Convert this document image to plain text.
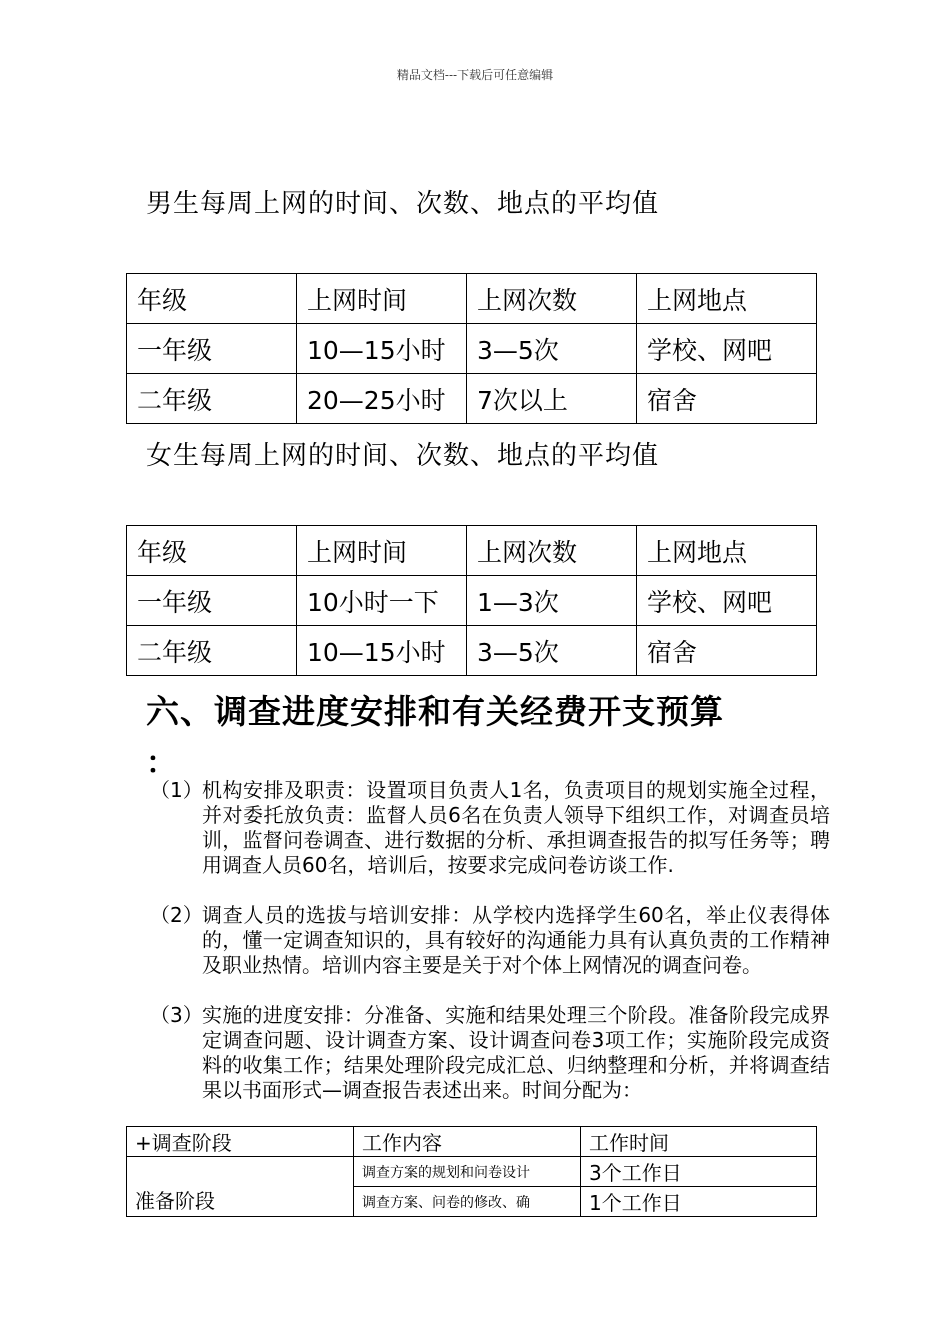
精品文档---下载后可任意编辑
男生每周上网的时间、次数、地点的平均值
年级	上网时间	上网次数	上网地点
一年级	10—15小时	3—5次	学校、网吧
二年级	20—25小时	7次以上	宿舍
女生每周上网的时间、次数、地点的平均值
年级	上网时间	上网次数	上网地点
一年级	10小时一下	1—3次	学校、网吧
二年级	10—15小时	3—5次	宿舍
六、调查进度安排和有关经费开支预算
：
（1） 机构安排及职责：设置项目负责人1名，负责项目的规划实施全过程，并对委托放负责：监督人员6名在负责人领导下组织工作，对调查员培训，监督问卷调查、进行数据的分析、承担调查报告的拟写任务等；聘用调查人员60名，培训后，按要求完成问卷访谈工作.
（2） 调查人员的选拔与培训安排：从学校内选择学生60名，举止仪表得体的，懂一定调查知识的，具有较好的沟通能力具有认真负责的工作精神及职业热情。培训内容主要是关于对个体上网情况的调查问卷。
（3） 实施的进度安排：分准备、实施和结果处理三个阶段。准备阶段完成界定调查问题、设计调查方案、设计调查问卷3项工作；实施阶段完成资料的收集工作；结果处理阶段完成汇总、归纳整理和分析，并将调查结果以书面形式—调查报告表述出来。时间分配为：
+调查阶段	工作内容	工作时间
准备阶段	调查方案的规划和问卷设计	3个工作日
	调查方案、问卷的修改、确	1个工作日
